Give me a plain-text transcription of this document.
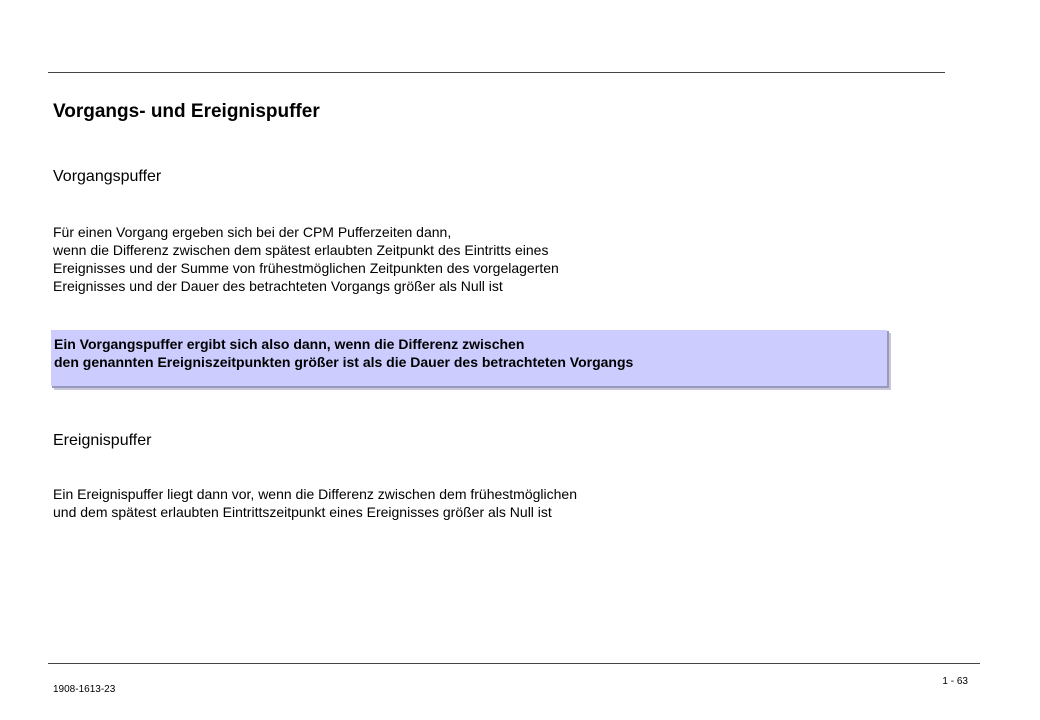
Vorgangs- und Ereignispuffer
Vorgangspuffer
Für einen Vorgang ergeben sich bei der CPM Pufferzeiten dann,
wenn die Differenz zwischen dem spätest erlaubten Zeitpunkt des Eintritts eines
Ereignisses und der Summe von frühestmöglichen Zeitpunkten des vorgelagerten
Ereignisses und der Dauer des betrachteten Vorgangs größer als Null ist
Ein Vorgangspuffer ergibt sich also dann, wenn die Differenz zwischen
den genannten Ereigniszeitpunkten größer ist als die Dauer des betrachteten Vorgangs
Ereignispuffer
Ein Ereignispuffer liegt dann vor, wenn die Differenz zwischen dem frühestmöglichen
und dem spätest erlaubten Eintrittszeitpunkt eines Ereignisses größer als Null ist
1908-1613-23
1 - 63
